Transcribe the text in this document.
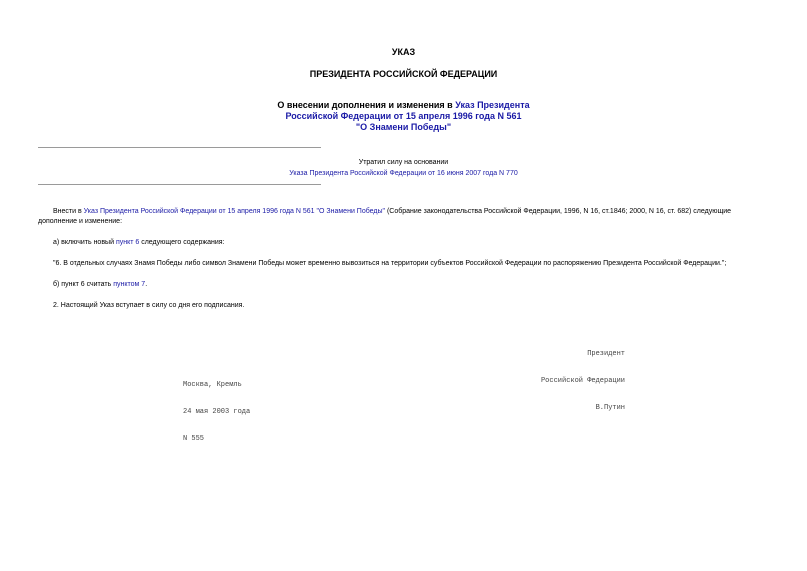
УКАЗ
ПРЕЗИДЕНТА РОССИЙСКОЙ ФЕДЕРАЦИИ
О внесении дополнения и изменения в Указ Президента
Российской Федерации от 15 апреля 1996 года N 561
"О Знамени Победы"
Утратил силу на основании
Указа Президента Российской Федерации от 16 июня 2007 года N 770
Внести в Указ Президента Российской Федерации от 15 апреля 1996 года N 561 "О Знамени Победы" (Собрание законодательства Российской Федерации, 1996, N 16, ст.1846; 2000, N 16, ст. 682) следующие
дополнение и изменение:
а) включить новый пункт 6 следующего содержания:
"6. В отдельных случаях Знамя Победы либо символ Знамени Победы может временно вывозиться на территории субъектов Российской Федерации по распоряжению Президента Российской Федерации.";
б) пункт 6 считать пунктом 7.
2. Настоящий Указ вступает в силу со дня его подписания.

Президент

Российской Федерации

В.Путин

Москва, Кремль

24 мая 2003 года

N 555
